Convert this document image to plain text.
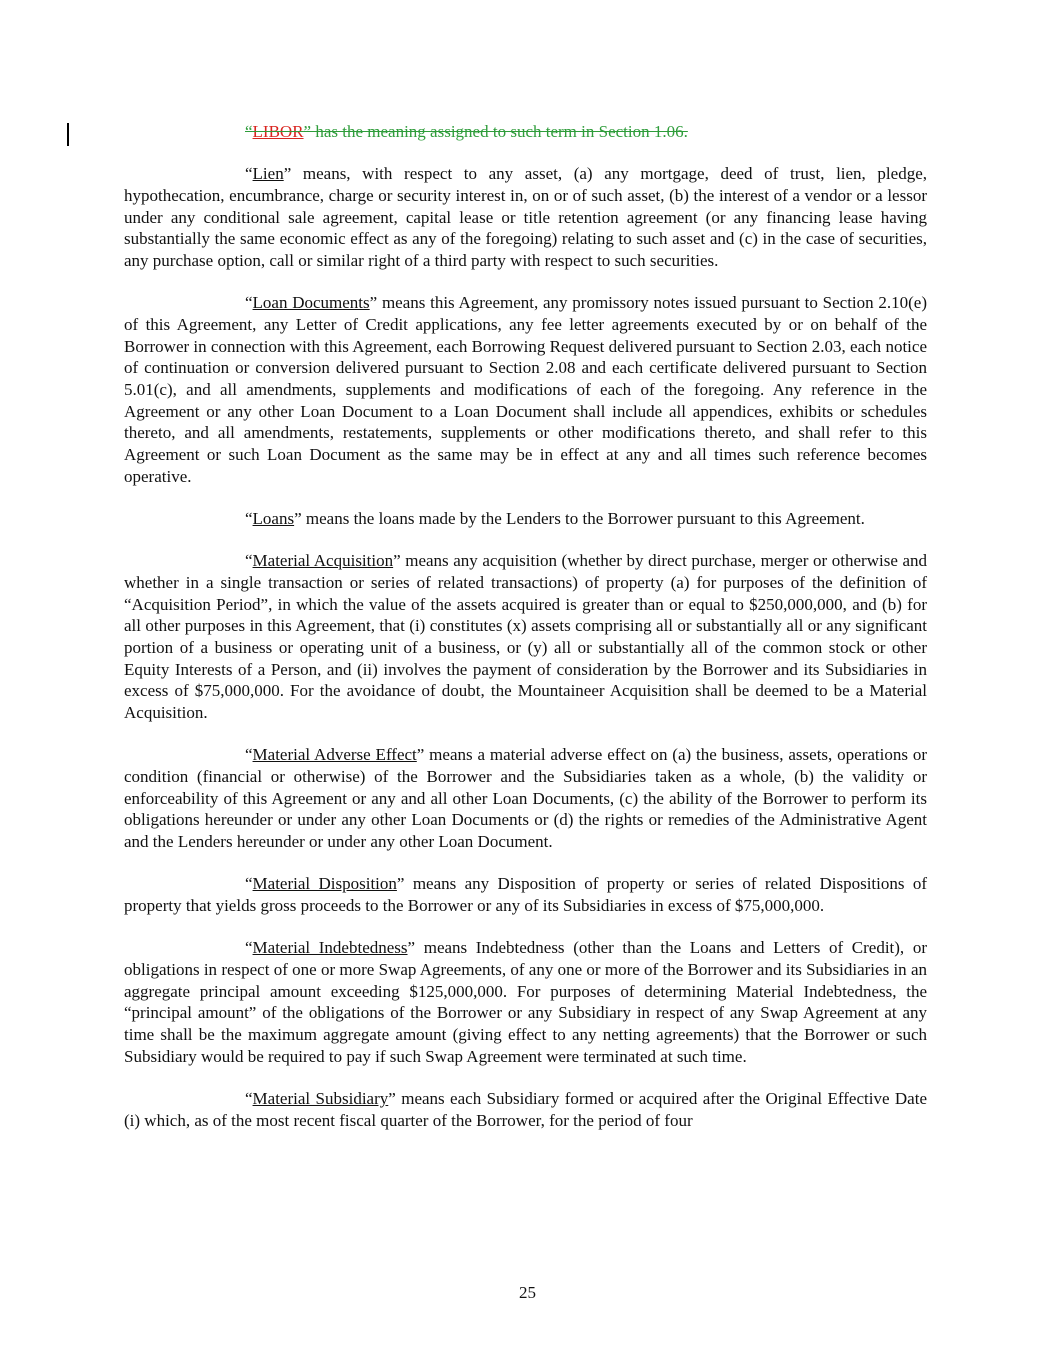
“LIBOR” has the meaning assigned to such term in Section 1.06.

“Lien” means, with respect to any asset, (a) any mortgage, deed of trust, lien, pledge, hypothecation, encumbrance, charge or security interest in, on or of such asset, (b) the interest of a vendor or a lessor under any conditional sale agreement, capital lease or title retention agreement (or any financing lease having substantially the same economic effect as any of the foregoing) relating to such asset and (c) in the case of securities, any purchase option, call or similar right of a third party with respect to such securities.

“Loan Documents” means this Agreement, any promissory notes issued pursuant to Section 2.10(e) of this Agreement, any Letter of Credit applications, any fee letter agreements executed by or on behalf of the Borrower in connection with this Agreement, each Borrowing Request delivered pursuant to Section 2.03, each notice of continuation or conversion delivered pursuant to Section 2.08 and each certificate delivered pursuant to Section 5.01(c), and all amendments, supplements and modifications of each of the foregoing. Any reference in the Agreement or any other Loan Document to a Loan Document shall include all appendices, exhibits or schedules thereto, and all amendments, restatements, supplements or other modifications thereto, and shall refer to this Agreement or such Loan Document as the same may be in effect at any and all times such reference becomes operative.

“Loans” means the loans made by the Lenders to the Borrower pursuant to this Agreement.

“Material Acquisition” means any acquisition (whether by direct purchase, merger or otherwise and whether in a single transaction or series of related transactions) of property (a) for purposes of the definition of “Acquisition Period”, in which the value of the assets acquired is greater than or equal to $250,000,000, and (b) for all other purposes in this Agreement, that (i) constitutes (x) assets comprising all or substantially all or any significant portion of a business or operating unit of a business, or (y) all or substantially all of the common stock or other Equity Interests of a Person, and (ii) involves the payment of consideration by the Borrower and its Subsidiaries in excess of $75,000,000. For the avoidance of doubt, the Mountaineer Acquisition shall be deemed to be a Material Acquisition.

“Material Adverse Effect” means a material adverse effect on (a) the business, assets, operations or condition (financial or otherwise) of the Borrower and the Subsidiaries taken as a whole, (b) the validity or enforceability of this Agreement or any and all other Loan Documents, (c) the ability of the Borrower to perform its obligations hereunder or under any other Loan Documents or (d) the rights or remedies of the Administrative Agent and the Lenders hereunder or under any other Loan Document.

“Material Disposition” means any Disposition of property or series of related Dispositions of property that yields gross proceeds to the Borrower or any of its Subsidiaries in excess of $75,000,000.

“Material Indebtedness” means Indebtedness (other than the Loans and Letters of Credit), or obligations in respect of one or more Swap Agreements, of any one or more of the Borrower and its Subsidiaries in an aggregate principal amount exceeding $125,000,000. For purposes of determining Material Indebtedness, the “principal amount” of the obligations of the Borrower or any Subsidiary in respect of any Swap Agreement at any time shall be the maximum aggregate amount (giving effect to any netting agreements) that the Borrower or such Subsidiary would be required to pay if such Swap Agreement were terminated at such time.

“Material Subsidiary” means each Subsidiary formed or acquired after the Original Effective Date (i) which, as of the most recent fiscal quarter of the Borrower, for the period of four

25
